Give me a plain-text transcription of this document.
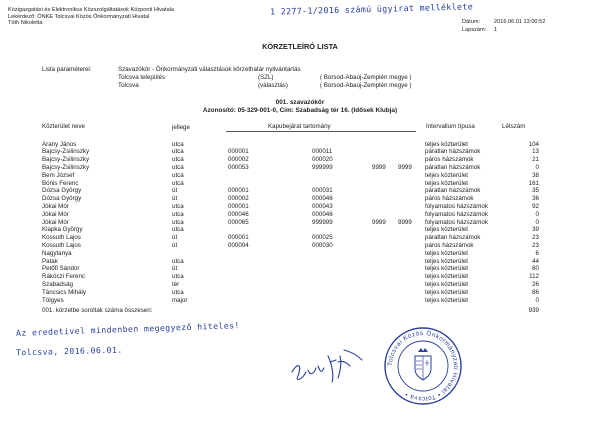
Közigazgatási és Elektronikus Közszolgáltatások Központi Hivatala
Lekérdező: ÖNKE Tolcsvai Közös Önkormányzati Hivatal
Tóth Nikoletta
1 2277-1/2016 számú ügyirat melléklete
Dátum: 2016.06.01 13:00:52
Lapszám: 1
KÖRZETLEÍRÓ LISTA
Lista paraméterei:	Szavazókör - Önkormányzati választások körzethatár nyilvántartás
Tolcsva település	(SZL)	( Borsod-Abaúj-Zemplén megye )
Tolcsva	(választás)	( Borsod-Abaúj-Zemplén megye )
001. szavazókör
Azonosító: 05-329-001-0, Cím: Szabadság tér 16. (Idősek Klubja)
Közterület neve	jellege	Kapubejárat tartomány	Intervallum típusa	Létszám
Arany János	utca	teljes közterület	104
Bajcsy-Zsilinszky	utca	000001	000011	páratlan házszámok	13
Bajcsy-Zsilinszky	utca	000002	000020	páros házszámok	21
Bajcsy-Zsilinszky	utca	000053	999999	9999 9999 páratlan házszámok	0
Bem József	utca	teljes közterület	38
Bónis Ferenc	utca	teljes közterület	161
Dózsa György	út	000001	000031	páratlan házszámok	35
Dózsa György	út	000002	000046	páros házszámok	36
Jókai Mór	utca	000001	000043	folyamatos házszámok	92
Jókai Mór	utca	000046	000046	folyamatos házszámok	0
Jókai Mór	utca	000065	999999	9999 9999 folyamatos házszámok	0
Klapka György	utca	teljes közterület	39
Kossuth Lajos	út	000001	000025	páratlan házszámok	23
Kossuth Lajos	út	000004	000030	páros házszámok	23
Nagytanya	teljes közterület	6
Patak	utca	teljes közterület	44
Petőfi Sándor	út	teljes közterület	80
Rákóczi Ferenc	utca	teljes közterület	112
Szabadság	tér	teljes közterület	26
Táncsics Mihály	utca	teljes közterület	86
Tölgyes	major	teljes közterület	0
001. körzetbe soroltak száma összesen:	939
Az eredetivel mindenben megegyező hiteles!
Tolcsva, 2016.06.01.
Tolcsvai Közös Önkormányzati Hivatal • Tolcsva •
